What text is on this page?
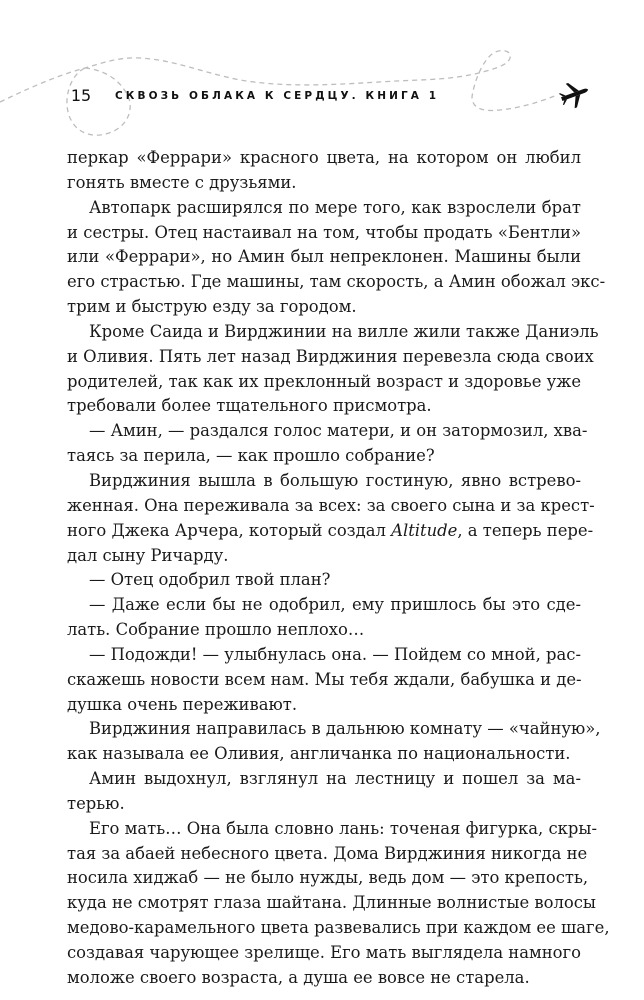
15	СКВОЗЬ ОБЛАКА К СЕРДЦУ. КНИГА 1
перкар «Феррари» красного цвета, на котором он любил
гонять вместе с друзьями.
Автопарк расширялся по мере того, как взрослели брат
и сестры. Отец настаивал на том, чтобы продать «Бентли»
или «Феррари», но Амин был непреклонен. Машины были
его страстью. Где машины, там скорость, а Амин обожал экс-
трим и быструю езду за городом.
Кроме Саида и Вирджинии на вилле жили также Даниэль
и Оливия. Пять лет назад Вирджиния перевезла сюда своих
родителей, так как их преклонный возраст и здоровье уже
требовали более тщательного присмотра.
— Амин, — раздался голос матери, и он затормозил, хва-
таясь за перила, — как прошло собрание?
Вирджиния вышла в большую гостиную, явно встрево-
женная. Она переживала за всех: за своего сына и за крест-
ного Джека Арчера, который создал Altitude, а теперь пере-
дал сыну Ричарду.
— Отец одобрил твой план?
— Даже если бы не одобрил, ему пришлось бы это сде-
лать. Собрание прошло неплохо…
— Подожди! — улыбнулась она. — Пойдем со мной, рас-
скажешь новости всем нам. Мы тебя ждали, бабушка и де-
душка очень переживают.
Вирджиния направилась в дальнюю комнату — «чайную»,
как называла ее Оливия, англичанка по национальности.
Амин выдохнул, взглянул на лестницу и пошел за ма-
терью.
Его мать… Она была словно лань: точеная фигурка, скры-
тая за абаей небесного цвета. Дома Вирджиния никогда не
носила хиджаб — не было нужды, ведь дом — это крепость,
куда не смотрят глаза шайтана. Длинные волнистые волосы
медово-карамельного цвета развевались при каждом ее шаге,
создавая чарующее зрелище. Его мать выглядела намного
моложе своего возраста, а душа ее вовсе не старела.
